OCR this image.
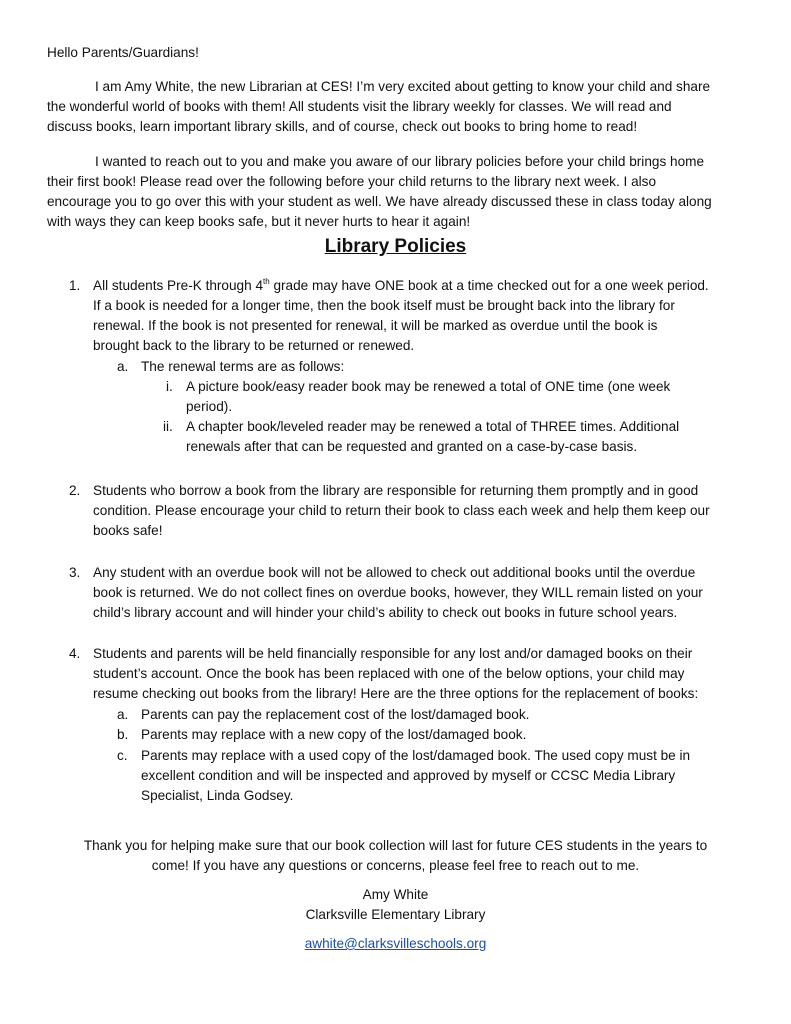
Hello Parents/Guardians!
I am Amy White, the new Librarian at CES! I’m very excited about getting to know your child and share
the wonderful world of books with them! All students visit the library weekly for classes. We will read and
discuss books, learn important library skills, and of course, check out books to bring home to read!
I wanted to reach out to you and make you aware of our library policies before your child brings home
their first book! Please read over the following before your child returns to the library next week. I also
encourage you to go over this with your student as well. We have already discussed these in class today along
with ways they can keep books safe, but it never hurts to hear it again!
Library Policies
1. All students Pre-K through 4th grade may have ONE book at a time checked out for a one week period.
If a book is needed for a longer time, then the book itself must be brought back into the library for
renewal. If the book is not presented for renewal, it will be marked as overdue until the book is
brought back to the library to be returned or renewed.
a. The renewal terms are as follows:
i. A picture book/easy reader book may be renewed a total of ONE time (one week
period).
ii. A chapter book/leveled reader may be renewed a total of THREE times. Additional
renewals after that can be requested and granted on a case-by-case basis.
2. Students who borrow a book from the library are responsible for returning them promptly and in good
condition. Please encourage your child to return their book to class each week and help them keep our
books safe!
3. Any student with an overdue book will not be allowed to check out additional books until the overdue
book is returned. We do not collect fines on overdue books, however, they WILL remain listed on your
child’s library account and will hinder your child’s ability to check out books in future school years.
4. Students and parents will be held financially responsible for any lost and/or damaged books on their
student’s account. Once the book has been replaced with one of the below options, your child may
resume checking out books from the library! Here are the three options for the replacement of books:
a. Parents can pay the replacement cost of the lost/damaged book.
b. Parents may replace with a new copy of the lost/damaged book.
c. Parents may replace with a used copy of the lost/damaged book. The used copy must be in
excellent condition and will be inspected and approved by myself or CCSC Media Library
Specialist, Linda Godsey.
Thank you for helping make sure that our book collection will last for future CES students in the years to
come! If you have any questions or concerns, please feel free to reach out to me.
Amy White
Clarksville Elementary Library
awhite@clarksvilleschools.org
